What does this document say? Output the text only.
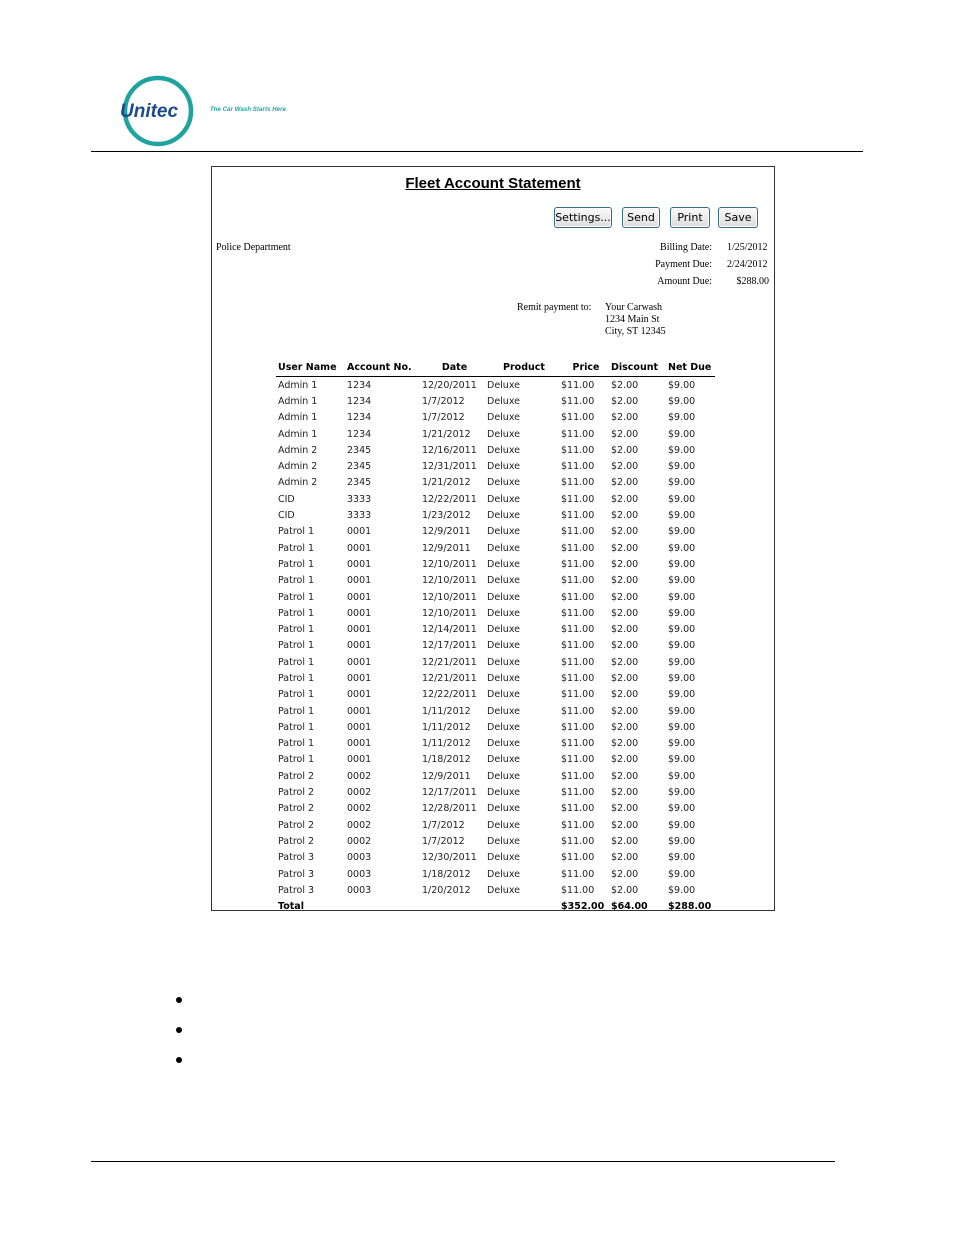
Unitec	The Car Wash Starts Here
Fleet Account Statement
Settings...	Send	Print	Save
Police Department	Billing Date: 1/25/2012
Payment Due: 2/24/2012
Amount Due:	$288.00
Remit payment to: Your Carwash
1234 Main St
City, ST 12345
User Name	Account No.	Date	Product	Price	Discount	Net Due
Admin 1	1234	12/20/2011	Deluxe	$11.00	$2.00	$9.00
Admin 1	1234	1/7/2012	Deluxe	$11.00	$2.00	$9.00
Admin 1	1234	1/7/2012	Deluxe	$11.00	$2.00	$9.00
Admin 1	1234	1/21/2012	Deluxe	$11.00	$2.00	$9.00
Admin 2	2345	12/16/2011	Deluxe	$11.00	$2.00	$9.00
Admin 2	2345	12/31/2011	Deluxe	$11.00	$2.00	$9.00
Admin 2	2345	1/21/2012	Deluxe	$11.00	$2.00	$9.00
CID	3333	12/22/2011	Deluxe	$11.00	$2.00	$9.00
CID	3333	1/23/2012	Deluxe	$11.00	$2.00	$9.00
Patrol 1	0001	12/9/2011	Deluxe	$11.00	$2.00	$9.00
Patrol 1	0001	12/9/2011	Deluxe	$11.00	$2.00	$9.00
Patrol 1	0001	12/10/2011	Deluxe	$11.00	$2.00	$9.00
Patrol 1	0001	12/10/2011	Deluxe	$11.00	$2.00	$9.00
Patrol 1	0001	12/10/2011	Deluxe	$11.00	$2.00	$9.00
Patrol 1	0001	12/10/2011	Deluxe	$11.00	$2.00	$9.00
Patrol 1	0001	12/14/2011	Deluxe	$11.00	$2.00	$9.00
Patrol 1	0001	12/17/2011	Deluxe	$11.00	$2.00	$9.00
Patrol 1	0001	12/21/2011	Deluxe	$11.00	$2.00	$9.00
Patrol 1	0001	12/21/2011	Deluxe	$11.00	$2.00	$9.00
Patrol 1	0001	12/22/2011	Deluxe	$11.00	$2.00	$9.00
Patrol 1	0001	1/11/2012	Deluxe	$11.00	$2.00	$9.00
Patrol 1	0001	1/11/2012	Deluxe	$11.00	$2.00	$9.00
Patrol 1	0001	1/11/2012	Deluxe	$11.00	$2.00	$9.00
Patrol 1	0001	1/18/2012	Deluxe	$11.00	$2.00	$9.00
Patrol 2	0002	12/9/2011	Deluxe	$11.00	$2.00	$9.00
Patrol 2	0002	12/17/2011	Deluxe	$11.00	$2.00	$9.00
Patrol 2	0002	12/28/2011	Deluxe	$11.00	$2.00	$9.00
Patrol 2	0002	1/7/2012	Deluxe	$11.00	$2.00	$9.00
Patrol 2	0002	1/7/2012	Deluxe	$11.00	$2.00	$9.00
Patrol 3	0003	12/30/2011	Deluxe	$11.00	$2.00	$9.00
Patrol 3	0003	1/18/2012	Deluxe	$11.00	$2.00	$9.00
Patrol 3	0003	1/20/2012	Deluxe	$11.00	$2.00	$9.00
Total				$352.00	$64.00	$288.00
